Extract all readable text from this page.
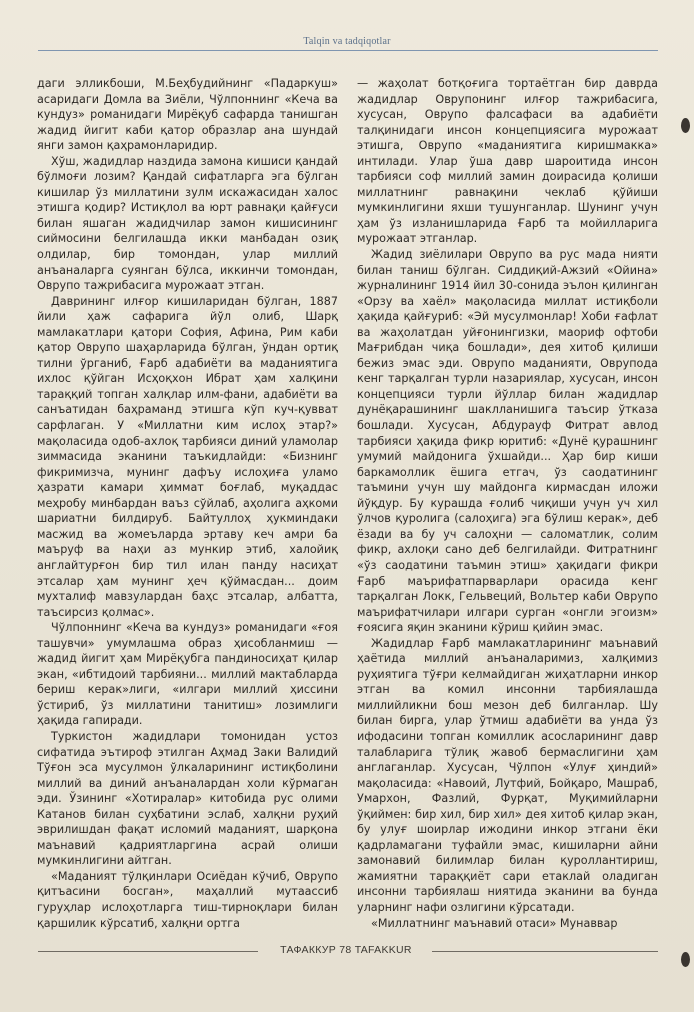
Talqin va tadqiqotlar

даги элликбоши, М.Беҳбудийнинг «Падаркуш» асаридаги Домла ва Зиёли, Чўлпоннинг «Кеча ва кундуз» романидаги Мирёқуб сафарда танишган жадид йигит каби қатор образлар ана шундай янги замон қаҳрамонларидир.

Хўш, жадидлар наздида замона кишиси қандай бўлмоғи лозим? Қандай сифатларга эга бўлган кишилар ўз миллатини зулм искажасидан халос этишга қодир? Истиқлол ва юрт равнақи қайғуси билан яшаган жадидчилар замон кишисининг сиймосини белгилашда икки манбадан озиқ олдилар, бир томондан, улар миллий анъаналарга суянган бўлса, иккинчи томондан, Оврупо тажрибасига мурожаат этган.

Даврининг илғор кишиларидан бўлган, 1887 йили ҳаж сафарига йўл олиб, Шарқ мамлакатлари қатори София, Афина, Рим каби қатор Оврупо шаҳарларида бўлган, ўндан ортиқ тилни ўрганиб, Ғарб адабиёти ва маданиятига ихлос қўйган Исҳоқхон Ибрат ҳам халқини тараққий топган халқлар илм-фани, адабиёти ва санъатидан баҳраманд этишга кўп куч-қувват сарфлаган. У «Миллатни ким ислоҳ этар?» мақоласида одоб-ахлоқ тарбияси диний уламолар зиммасида эканини таъкидлайди: «Бизнинг фикримизча, мунинг дафъу ислоҳиға уламо ҳазрати камари ҳиммат боғлаб, муқаддас меҳробу минбардан ваъз сўйлаб, аҳолига аҳкоми шариатни билдируб. Байтуллоҳ ҳукминдаки масжид ва жомеъларда эртаву кеч амри ба маъруф ва наҳи аз мункир этиб, халойиқ англайтурғон бир тил илан панду насиҳат этсалар ҳам мунинг ҳеч қўймасдан... доим мухталиф мавзулардан баҳс этсалар, албатта, таъсирсиз қолмас».

Чўлпоннинг «Кеча ва кундуз» романидаги «ғоя ташувчи» умумлашма образ ҳисобланмиш — жадид йигит ҳам Мирёқубга пандиносиҳат қилар экан, «ибтидоий тарбияни... миллий мактабларда бериш керак»лиги, «илгари миллий ҳиссини ўстириб, ўз миллатини танитиш» лозимлиги ҳақида гапиради.

Туркистон жадидлари томонидан устоз сифатида эътироф этилган Аҳмад Заки Валидий Тўғон эса мусулмон ўлкаларининг истиқболини миллий ва диний анъаналардан холи кўрмаган эди. Ўзининг «Хотиралар» китобида рус олими Катанов билан суҳбатини эслаб, халқни руҳий эврилишдан фақат исломий маданият, шарқона маънавий қадриятларгина асрай олиши мумкинлигини айтган.

«Маданият тўлқинлари Осиёдан кўчиб, Оврупо қитъасини босган», маҳаллий мутаассиб гуруҳлар ислоҳотларга тиш-тирноқлари билан қаршилик кўрсатиб, халқни ортга

— жаҳолат ботқоғига тортаётган бир даврда жадидлар Оврупонинг илғор тажрибасига, хусусан, Оврупо фалсафаси ва адабиёти талқинидаги инсон концепциясига мурожаат этишга, Оврупо «маданиятига киришмакка» интилади. Улар ўша давр шароитида инсон тарбияси соф миллий замин доирасида қолиши миллатнинг равнақини чеклаб қўйиши мумкинлигини яхши тушунганлар. Шунинг учун ҳам ўз изланишларида Ғарб та мойилларига мурожаат этганлар.

Жадид зиёлилари Оврупо ва рус мада нияти билан таниш бўлган. Сиддиқий-Ажзий «Ойина» журналининг 1914 йил 30-сонида эълон қилинган «Орзу ва хаёл» мақоласида миллат истиқболи ҳақида қайғуриб: «Эй мусулмонлар! Хоби ғафлат ва жаҳолатдан уйғонингизки, маориф офтоби Мағрибдан чиқа бошлади», дея хитоб қилиши бежиз эмас эди. Оврупо маданияти, Оврупода кенг тарқалган турли назариялар, хусусан, инсон концепцияси турли йўллар билан жадидлар дунёқарашининг шаклланишига таъсир ўтказа бошлади. Хусусан, Абдурауф Фитрат авлод тарбияси ҳақида фикр юритиб: «Дунё қурашнинг умумий майдонига ўхшайди... Ҳар бир киши баркамоллик ёшига етгач, ўз саодатининг таъмини учун шу майдонга кирмасдан иложи йўқдур. Бу курашда ғолиб чиқиши учун уч хил ўлчов қуролига (салоҳига) эга бўлиш керак», деб ёзади ва бу уч салоҳни — саломатлик, солим фикр, ахлоқи сано деб белгилайди. Фитратнинг «ўз саодатини таъмин этиш» ҳақидаги фикри Ғарб маърифатпарварлари орасида кенг тарқалган Локк, Гельвеций, Вольтер каби Оврупо маърифатчилари илгари сурган «онгли эгоизм» ғоясига яқин эканини кўриш қийин эмас.

Жадидлар Ғарб мамлакатларининг маънавий ҳаётида миллий анъаналаримиз, халқимиз руҳиятига тўғри келмайдиган жиҳатларни инкор этган ва комил инсонни тарбиялашда миллийликни бош мезон деб билганлар. Шу билан бирга, улар ўтмиш адабиёти ва унда ўз ифодасини топган комиллик асосларининг давр талабларига тўлиқ жавоб бермаслигини ҳам англаганлар. Хусусан, Чўлпон «Улуғ ҳиндий» мақоласида: «Навоий, Лутфий, Бойқаро, Машраб, Умархон, Фазлий, Фурқат, Муқимийларни ўқиймен: бир хил, бир хил» дея хитоб қилар экан, бу улуғ шоирлар ижодини инкор этгани ёки қадрламагани туфайли эмас, кишиларни айни замонавий билимлар билан қуроллантириш, жамиятни тараққиёт сари етаклай оладиган инсонни тарбиялаш ниятида эканини ва бунда уларнинг нафи озлигини кўрсатади.

«Миллатнинг маънавий отаси» Мунаввар

ТАФАККУР 78 TAFAKKUR
